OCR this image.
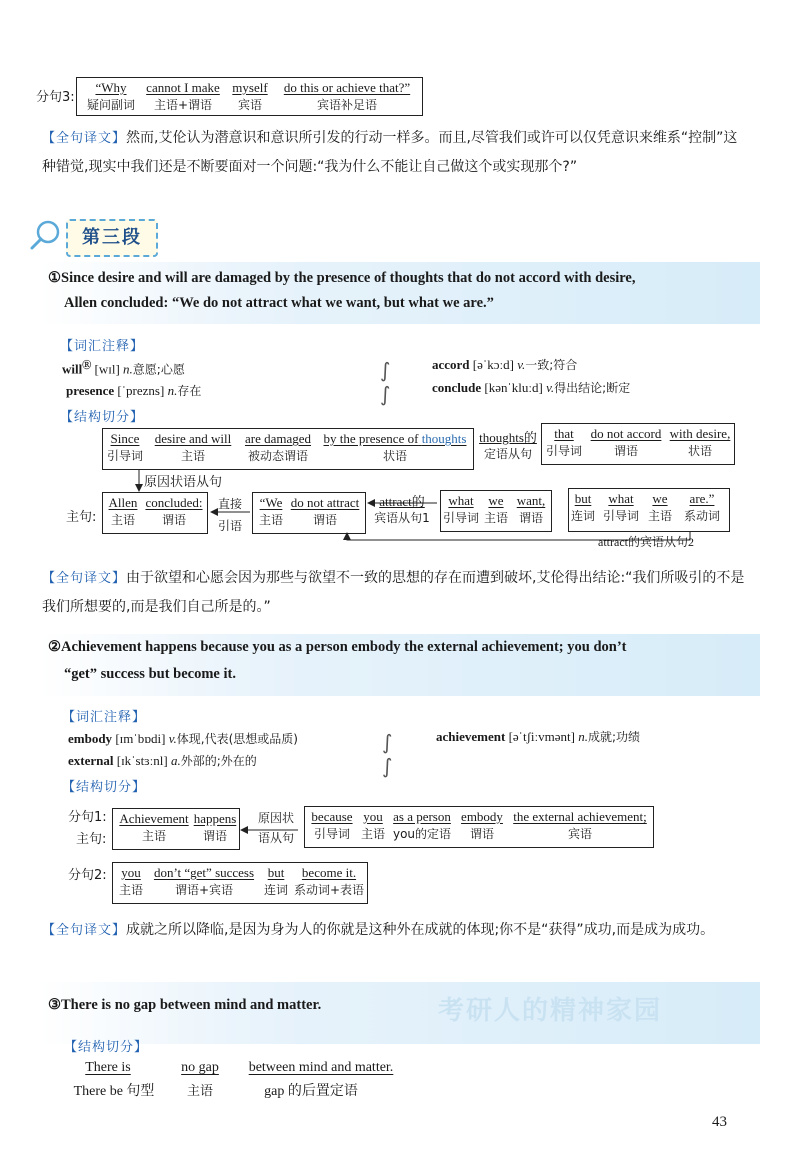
分句3:
“Why
疑问副词
cannot I make
主语+谓语
myself
宾语
do this or achieve that?”
宾语补足语
【全句译文】然而,艾伦认为潜意识和意识所引发的行动一样多。而且,尽管我们或许可以仅凭意识来维系“控制”这种错觉,现实中我们还是不断要面对一个问题:“我为什么不能让自己做这个或实现那个?”
第三段
①Since desire and will are damaged by the presence of thoughts that do not accord with desire,
Allen concluded: “We do not attract what we want, but what we are.”
【词汇注释】
willⓇ [wɪl] n.意愿;心愿
presence [ˈprezns] n.存在
∫
∫
accord [əˈkɔːd] v.一致;符合
conclude [kənˈkluːd] v.得出结论;断定
【结构切分】
Since
引导词
desire and will
主语
are damaged
被动态谓语
by the presence of thoughts
状语
thoughts的
定语从句
that
引导词
do not accord
谓语
with desire,
状语
原因状语从句
主句:
Allen
主语
concluded:
谓语
直接
引语
“We
主语
do not attract
谓语
attract的
宾语从句1
what
引导词
we
主语
want,
谓语
but
连词
what
引导词
we
主语
are.”
系动词
attract的宾语从句2
【全句译文】由于欲望和心愿会因为那些与欲望不一致的思想的存在而遭到破坏,艾伦得出结论:“我们所吸引的不是我们所想要的,而是我们自己所是的。”
②Achievement happens because you as a person embody the external achievement; you don’t
“get” success but become it.
【词汇注释】
embody [ɪmˈbɒdi] v.体现,代表(思想或品质)
external [ɪkˈstɜːnl] a.外部的;外在的
∫
∫
achievement [əˈtʃiːvmənt] n.成就;功绩
【结构切分】
分句1:
主句:
Achievement
主语
happens
谓语
原因状
语从句
because
引导词
you
主语
as a person
you的定语
embody
谓语
the external achievement;
宾语
分句2:	you
主语
don’t “get” success
谓语+宾语
but
连词
become it.
系动词+表语
【全句译文】成就之所以降临,是因为身为人的你就是这种外在成就的体现;你不是“获得”成功,而是成为成功。
考研人的精神家园
③There is no gap between mind and matter.
【结构切分】
There is
There be 句型
no gap
主语
between mind and matter.
gap 的后置定语
43
